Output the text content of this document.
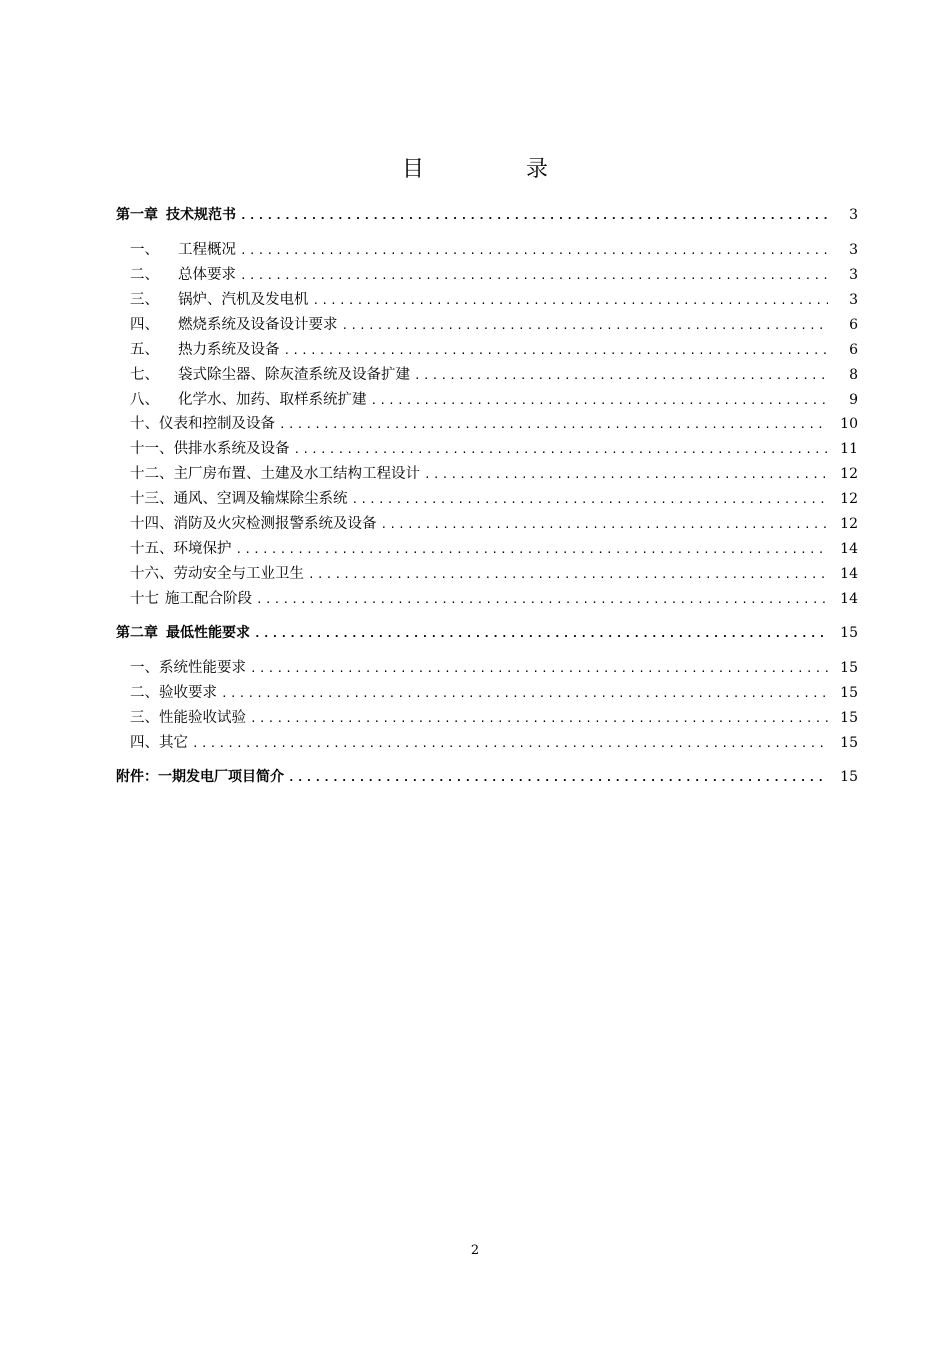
目　录
第一章 技术规范书 .....	3
一、	工程概况 .....	3
二、	总体要求 .....	3
三、	锅炉、汽机及发电机 .....	3
四、	燃烧系统及设备设计要求 .....	6
五、	热力系统及设备 .....	6
七、	袋式除尘器、除灰渣系统及设备扩建 .....	8
八、	化学水、加药、取样系统扩建 .....	9
十、 仪表和控制及设备 .....	10
十一、 供排水系统及设备 .....	11
十二、 主厂房布置、土建及水工结构工程设计 .....	12
十三、 通风、空调及输煤除尘系统 .....	12
十四、 消防及火灾检测报警系统及设备 .....	12
十五、 环境保护 .....	14
十六、 劳动安全与工业卫生 .....	14
十七 施工配合阶段 .....	14
第二章 最低性能要求 .....	15
一、 系统性能要求 .....	15
二、 验收要求 .....	15
三、 性能验收试验 .....	15
四、 其它 .....	15
附件： 一期发电厂项目简介 .....	15
2
